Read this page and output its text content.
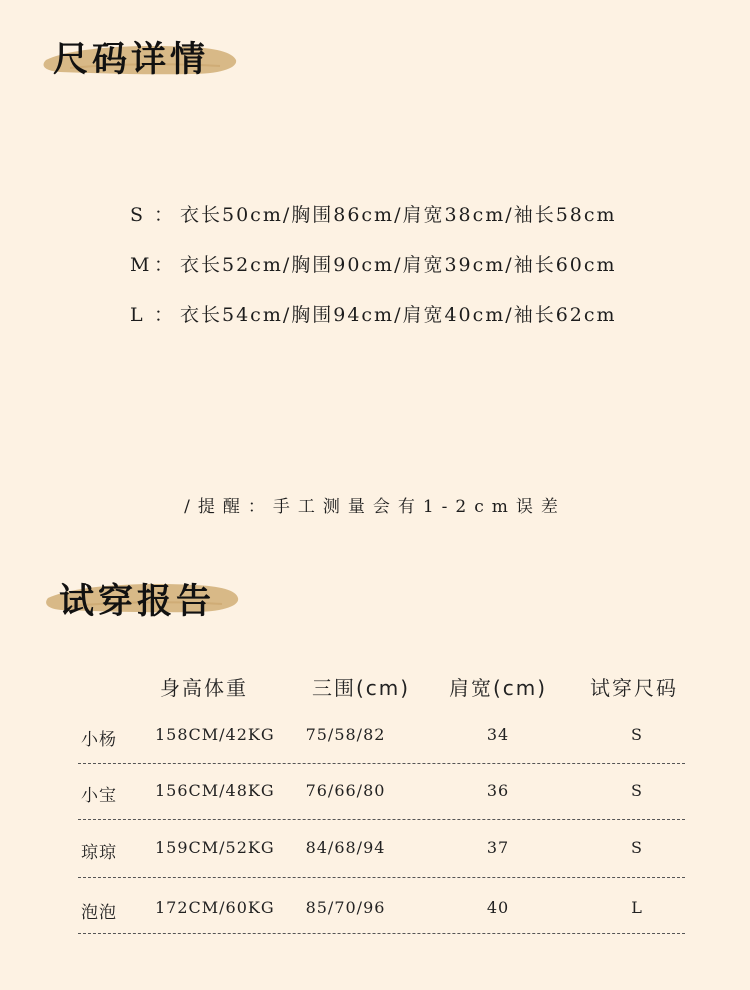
尺码详情
S ： 衣长50cm/胸围86cm/肩宽38cm/袖长58cm
M ： 衣长52cm/胸围90cm/肩宽39cm/袖长60cm
L ： 衣长54cm/胸围94cm/肩宽40cm/袖长62cm
/提醒：手工测量会有1-2cm误差
试穿报告
身高体重	三围(cm) 肩宽(cm) 试穿尺码
小杨 158CM/42KG	75/58/82	34	S
小宝 156CM/48KG	76/66/80	36	S
琼琼 159CM/52KG	84/68/94	37	S
泡泡 172CM/60KG	85/70/96	40	L
